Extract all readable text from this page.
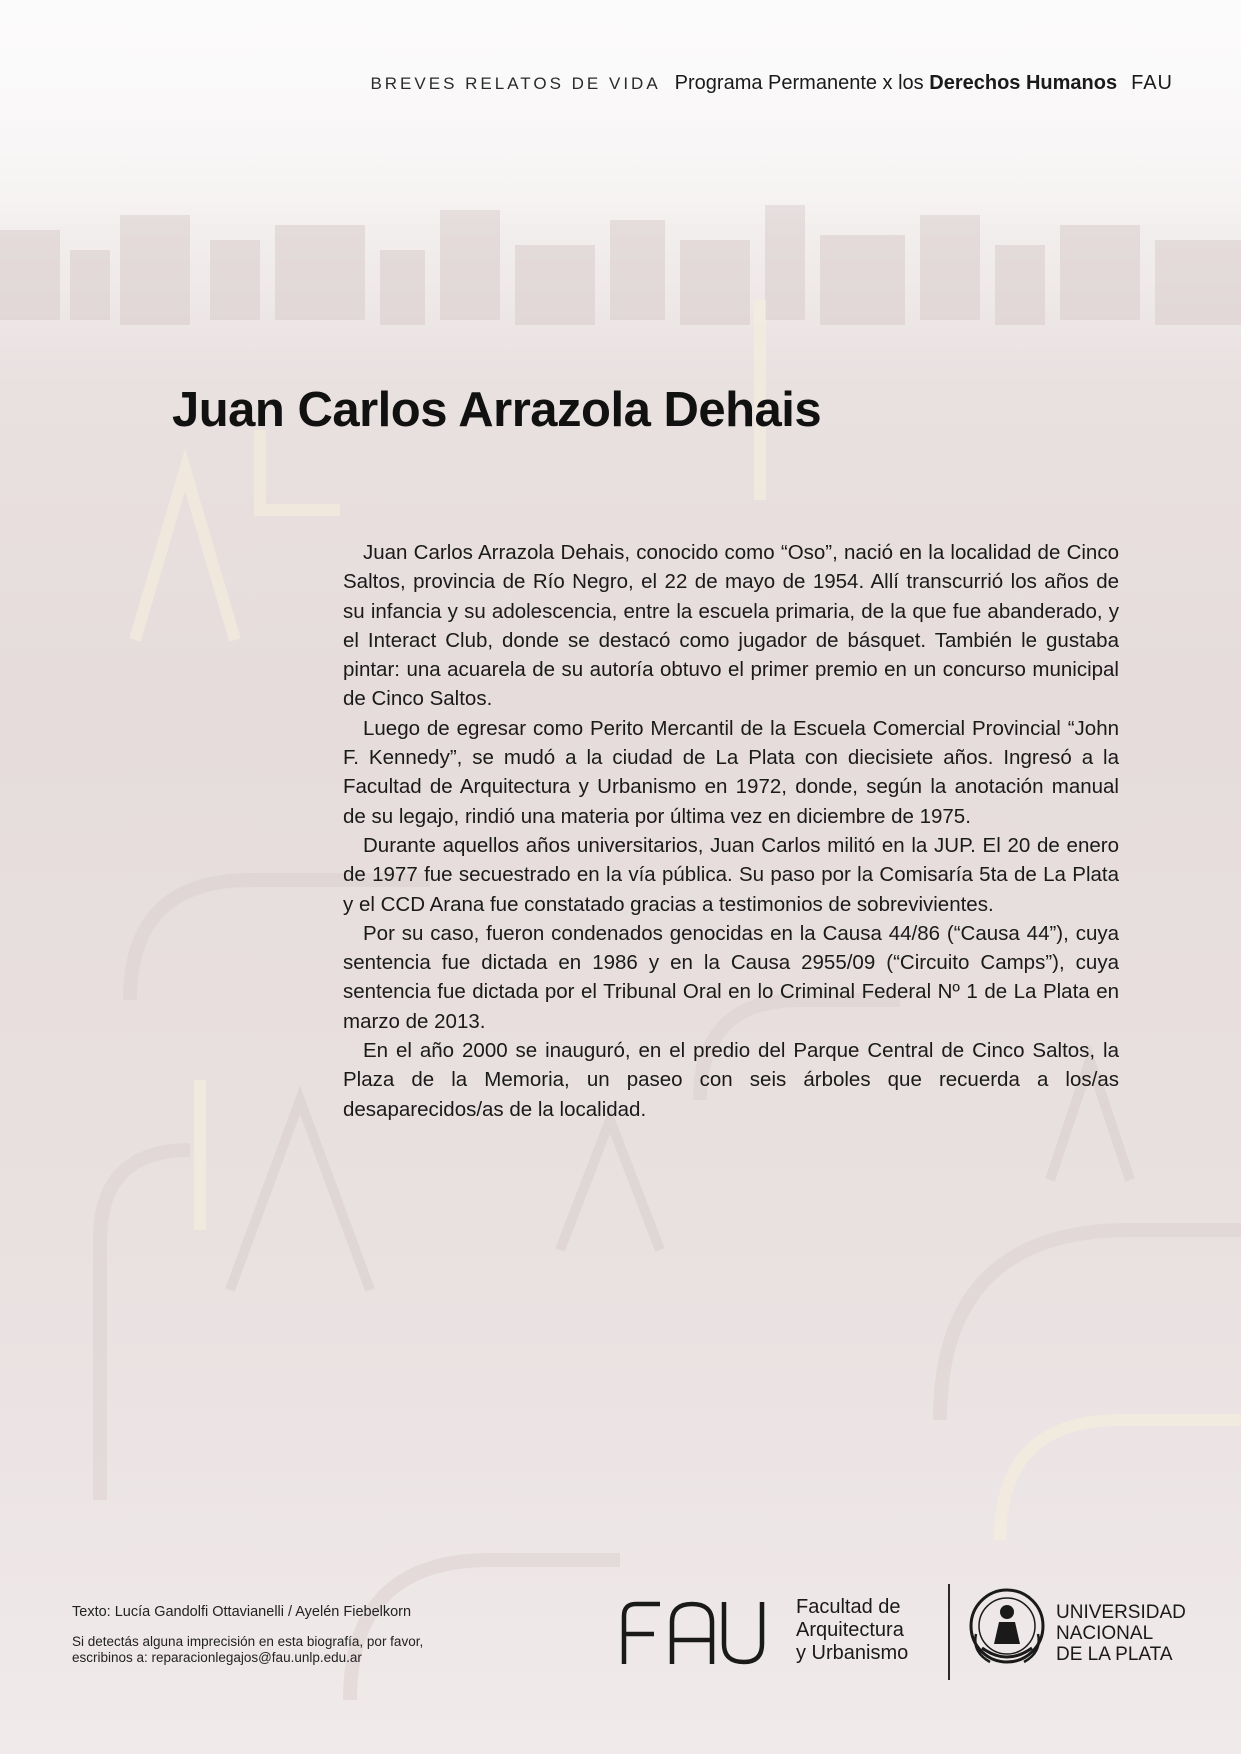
BREVES RELATOS DE VIDA Programa Permanente x los Derechos Humanos FAU
Juan Carlos Arrazola Dehais

Juan Carlos Arrazola Dehais, conocido como “Oso”, nació en la localidad de Cinco Saltos, provincia de Río Negro, el 22 de mayo de 1954. Allí transcurrió los años de su infancia y su adolescencia, entre la escuela primaria, de la que fue abanderado, y el Interact Club, donde se destacó como jugador de básquet. También le gustaba pintar: una acuarela de su autoría obtuvo el primer premio en un concurso municipal de Cinco Saltos.

Luego de egresar como Perito Mercantil de la Escuela Comercial Provincial “John F. Kennedy”, se mudó a la ciudad de La Plata con diecisiete años. Ingresó a la Facultad de Arquitectura y Urbanismo en 1972, donde, según la anotación manual de su legajo, rindió una materia por última vez en diciembre de 1975.

Durante aquellos años universitarios, Juan Carlos militó en la JUP. El 20 de enero de 1977 fue secuestrado en la vía pública. Su paso por la Comisaría 5ta de La Plata y el CCD Arana fue constatado gracias a testimonios de sobrevivientes.

Por su caso, fueron condenados genocidas en la Causa 44/86 (“Causa 44”), cuya sentencia fue dictada en 1986 y en la Causa 2955/09 (“Circuito Camps”), cuya sentencia fue dictada por el Tribunal Oral en lo Criminal Federal Nº 1 de La Plata en marzo de 2013.

En el año 2000 se inauguró, en el predio del Parque Central de Cinco Saltos, la Plaza de la Memoria, un paseo con seis árboles que recuerda a los/as desaparecidos/as de la localidad.

Texto: Lucía Gandolfi Ottavianelli / Ayelén Fiebelkorn
Si detectás alguna imprecisión en esta biografía, por favor, escribinos a: reparacionlegajos@fau.unlp.edu.ar
Facultad de
Arquitectura
y Urbanismo
UNIVERSIDAD
NACIONAL
DE LA PLATA
